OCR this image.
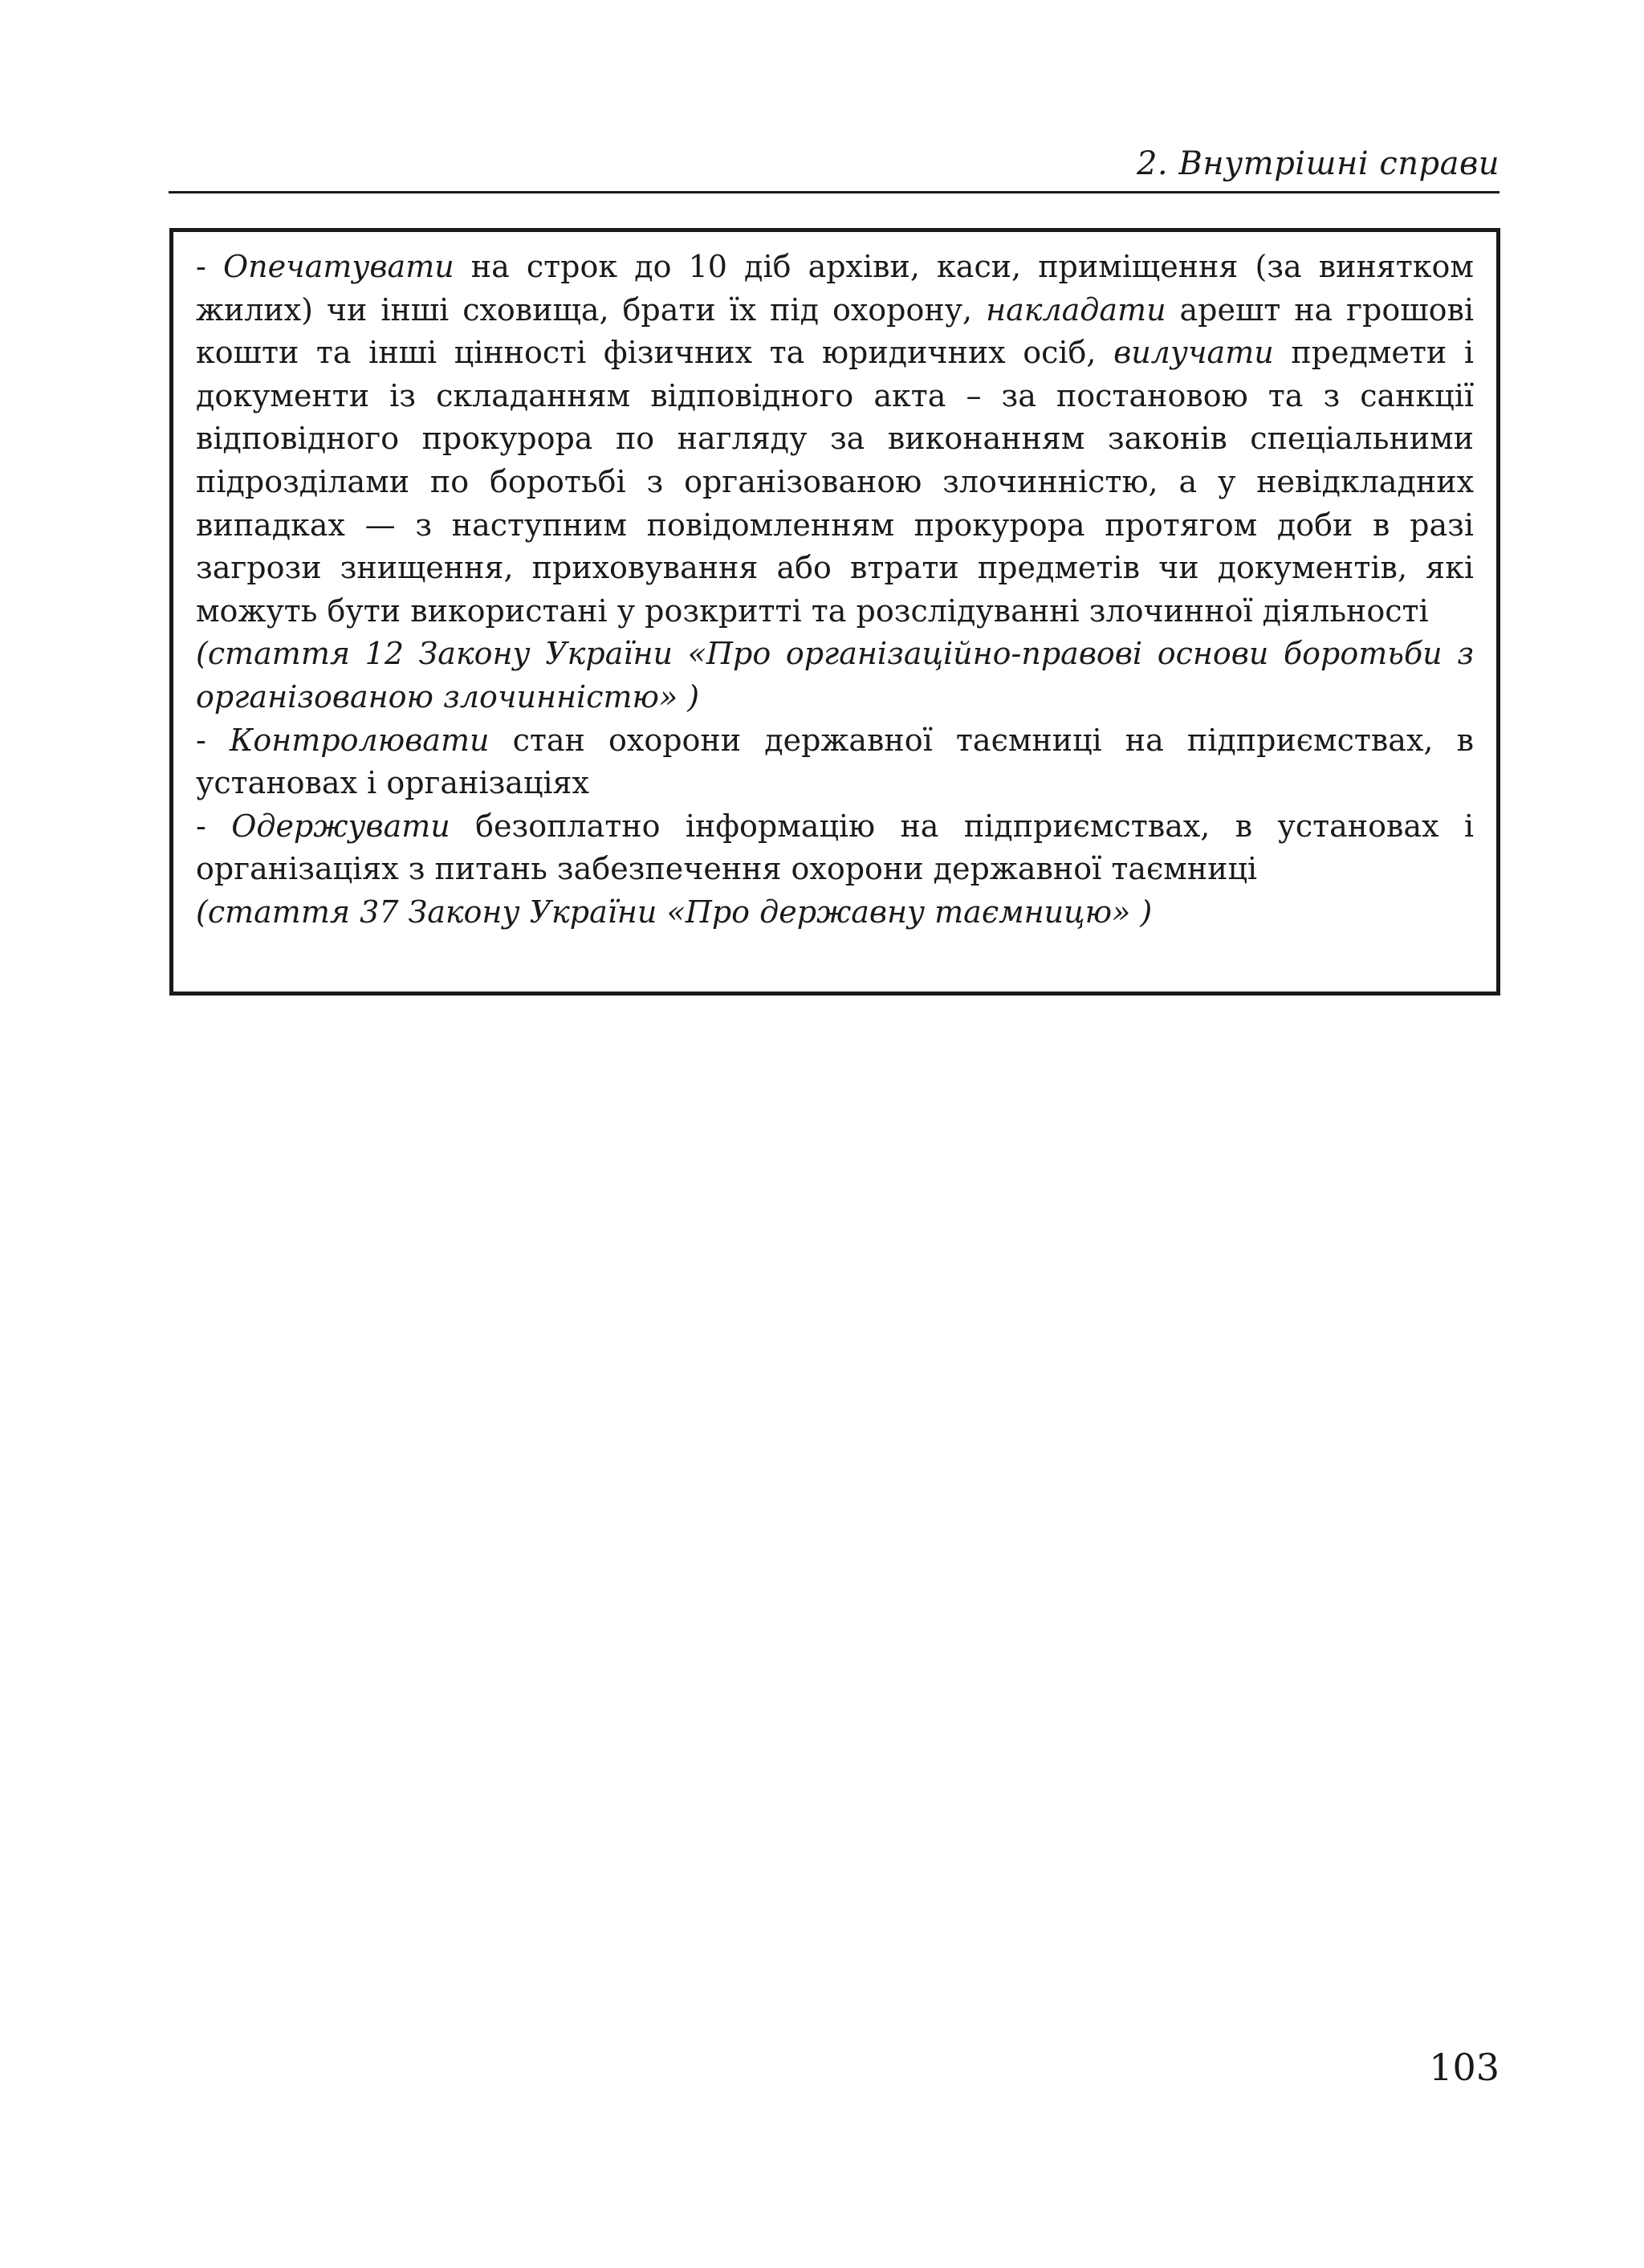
2. Внутрішні справи

- Опечатувати на строк до 10 діб архіви, каси, приміщення (за винятком жилих) чи інші сховища, брати їх під охорону, накладати арешт на грошові кошти та інші цінності фізичних та юридичних осіб, вилучати предмети і документи із складанням відповідного акта – за постановою та з санкції відповідного прокурора по нагляду за виконанням законів спеціальними підрозділами по боротьбі з організованою злочинністю, а у невідкладних випадках — з наступним повідомленням прокурора протягом доби в разі загрози знищення, приховування або втрати предметів чи документів, які можуть бути використані у розкритті та розслідуванні злочинної діяльності

(стаття 12 Закону України «Про організаційно-правові основи боротьби з організованою злочинністю» )

- Контролювати стан охорони державної таємниці на підприємствах, в установах і організаціях

- Одержувати безоплатно інформацію на підприємствах, в установах і організаціях з питань забезпечення охорони державної таємниці

(стаття 37 Закону України «Про державну таємницю» )

103
